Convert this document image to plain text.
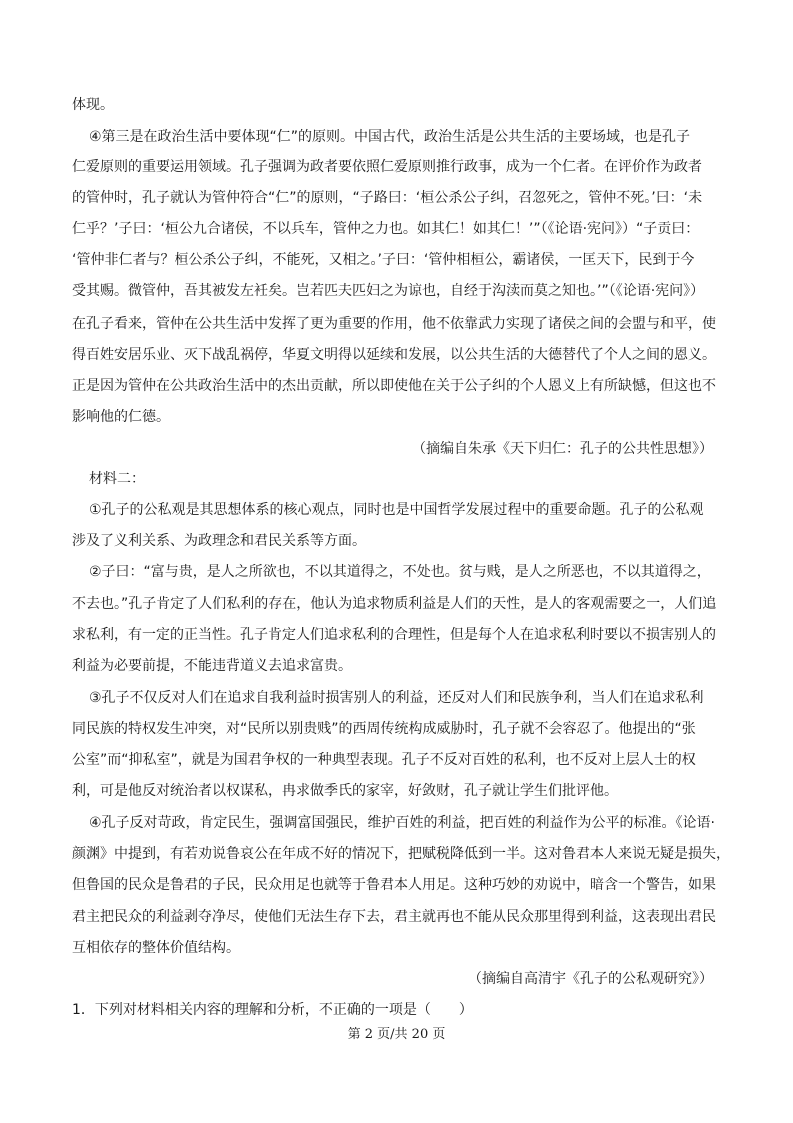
体现。
④第三是在政治生活中要体现“仁”的原则。中国古代，政治生活是公共生活的主要场域，也是孔子
仁爱原则的重要运用领域。孔子强调为政者要依照仁爱原则推行政事，成为一个仁者。在评价作为政者
的管仲时，孔子就认为管仲符合“仁”的原则，“子路曰：‘桓公杀公子纠，召忽死之，管仲不死。’曰：‘未
仁乎？’子曰：‘桓公九合诸侯，不以兵车，管仲之力也。如其仁！如其仁！’”（《论语·宪问》）“子贡曰：
‘管仲非仁者与？桓公杀公子纠，不能死，又相之。’子曰：‘管仲相桓公，霸诸侯，一匡天下，民到于今
受其赐。微管仲，吾其被发左衽矣。岂若匹夫匹妇之为谅也，自经于沟渎而莫之知也。’”（《论语·宪问》）
在孔子看来，管仲在公共生活中发挥了更为重要的作用，他不依靠武力实现了诸侯之间的会盟与和平，使
得百姓安居乐业、灭下战乱祸停，华夏文明得以延续和发展，以公共生活的大德替代了个人之间的恩义。
正是因为管仲在公共政治生活中的杰出贡献，所以即使他在关于公子纠的个人恩义上有所缺憾，但这也不
影响他的仁德。
（摘编自朱承《天下归仁：孔子的公共性思想》）
材料二：
①孔子的公私观是其思想体系的核心观点，同时也是中国哲学发展过程中的重要命题。孔子的公私观
涉及了义利关系、为政理念和君民关系等方面。
②子曰：“富与贵，是人之所欲也，不以其道得之，不处也。贫与贱，是人之所恶也，不以其道得之，
不去也。”孔子肯定了人们私利的存在，他认为追求物质利益是人们的天性，是人的客观需要之一，人们追
求私利，有一定的正当性。孔子肯定人们追求私利的合理性，但是每个人在追求私利时要以不损害别人的
利益为必要前提，不能违背道义去追求富贵。
③孔子不仅反对人们在追求自我利益时损害别人的利益，还反对人们和民族争利，当人们在追求私利
同民族的特权发生冲突，对“民所以别贵贱”的西周传统构成威胁时，孔子就不会容忍了。他提出的“张
公室”而“抑私室”，就是为国君争权的一种典型表现。孔子不反对百姓的私利，也不反对上层人士的权
利，可是他反对统治者以权谋私，冉求做季氏的家宰，好敛财，孔子就让学生们批评他。
④孔子反对苛政，肯定民生，强调富国强民，维护百姓的利益，把百姓的利益作为公平的标准。《论语·
颜渊》中提到，有若劝说鲁哀公在年成不好的情况下，把赋税降低到一半。这对鲁君本人来说无疑是损失，
但鲁国的民众是鲁君的子民，民众用足也就等于鲁君本人用足。这种巧妙的劝说中，暗含一个警告，如果
君主把民众的利益剥夺净尽，使他们无法生存下去，君主就再也不能从民众那里得到利益，这表现出君民
互相依存的整体价值结构。
（摘编自高清宇《孔子的公私观研究》）
1．下列对材料相关内容的理解和分析，不正确的一项是（　　）
第 2 页/共 20 页
